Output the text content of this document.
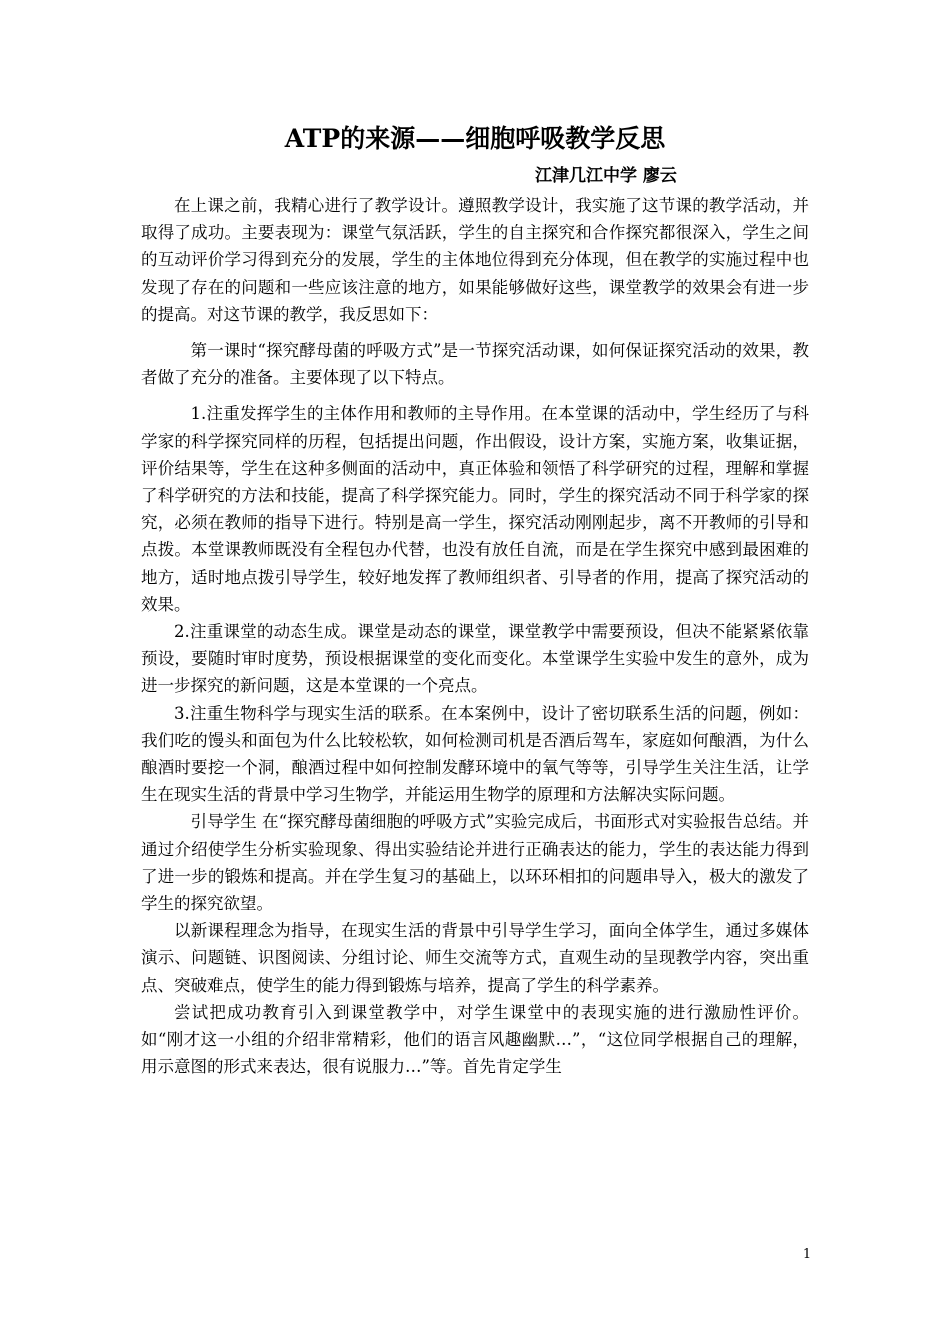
ATP的来源——细胞呼吸教学反思
江津几江中学 廖云

在上课之前，我精心进行了教学设计。遵照教学设计，我实施了这节课的教学活动，并取得了成功。主要表现为：课堂气氛活跃，学生的自主探究和合作探究都很深入，学生之间的互动评价学习得到充分的发展，学生的主体地位得到充分体现，但在教学的实施过程中也发现了存在的问题和一些应该注意的地方，如果能够做好这些，课堂教学的效果会有进一步的提高。对这节课的教学，我反思如下：

第一课时“探究酵母菌的呼吸方式”是一节探究活动课，如何保证探究活动的效果，教者做了充分的准备。主要体现了以下特点。

1.注重发挥学生的主体作用和教师的主导作用。在本堂课的活动中，学生经历了与科学家的科学探究同样的历程，包括提出问题，作出假设，设计方案，实施方案，收集证据，评价结果等，学生在这种多侧面的活动中，真正体验和领悟了科学研究的过程，理解和掌握了科学研究的方法和技能，提高了科学探究能力。同时，学生的探究活动不同于科学家的探究，必须在教师的指导下进行。特别是高一学生，探究活动刚刚起步，离不开教师的引导和点拨。本堂课教师既没有全程包办代替，也没有放任自流，而是在学生探究中感到最困难的地方，适时地点拨引导学生，较好地发挥了教师组织者、引导者的作用，提高了探究活动的效果。

2.注重课堂的动态生成。课堂是动态的课堂，课堂教学中需要预设，但决不能紧紧依靠预设，要随时审时度势，预设根据课堂的变化而变化。本堂课学生实验中发生的意外，成为进一步探究的新问题，这是本堂课的一个亮点。

3.注重生物科学与现实生活的联系。在本案例中，设计了密切联系生活的问题，例如：我们吃的馒头和面包为什么比较松软，如何检测司机是否酒后驾车，家庭如何酿酒，为什么酿酒时要挖一个洞，酿酒过程中如何控制发酵环境中的氧气等等，引导学生关注生活，让学生在现实生活的背景中学习生物学，并能运用生物学的原理和方法解决实际问题。

引导学生 在“探究酵母菌细胞的呼吸方式”实验完成后，书面形式对实验报告总结。并通过介绍使学生分析实验现象、得出实验结论并进行正确表达的能力，学生的表达能力得到了进一步的锻炼和提高。并在学生复习的基础上，以环环相扣的问题串导入，极大的激发了学生的探究欲望。

以新课程理念为指导，在现实生活的背景中引导学生学习，面向全体学生，通过多媒体演示、问题链、识图阅读、分组讨论、师生交流等方式，直观生动的呈现教学内容，突出重点、突破难点，使学生的能力得到锻炼与培养，提高了学生的科学素养。

尝试把成功教育引入到课堂教学中，对学生课堂中的表现实施的进行激励性评价。如“刚才这一小组的介绍非常精彩，他们的语言风趣幽默…”，“这位同学根据自己的理解，用示意图的形式来表达，很有说服力…”等。首先肯定学生

1
